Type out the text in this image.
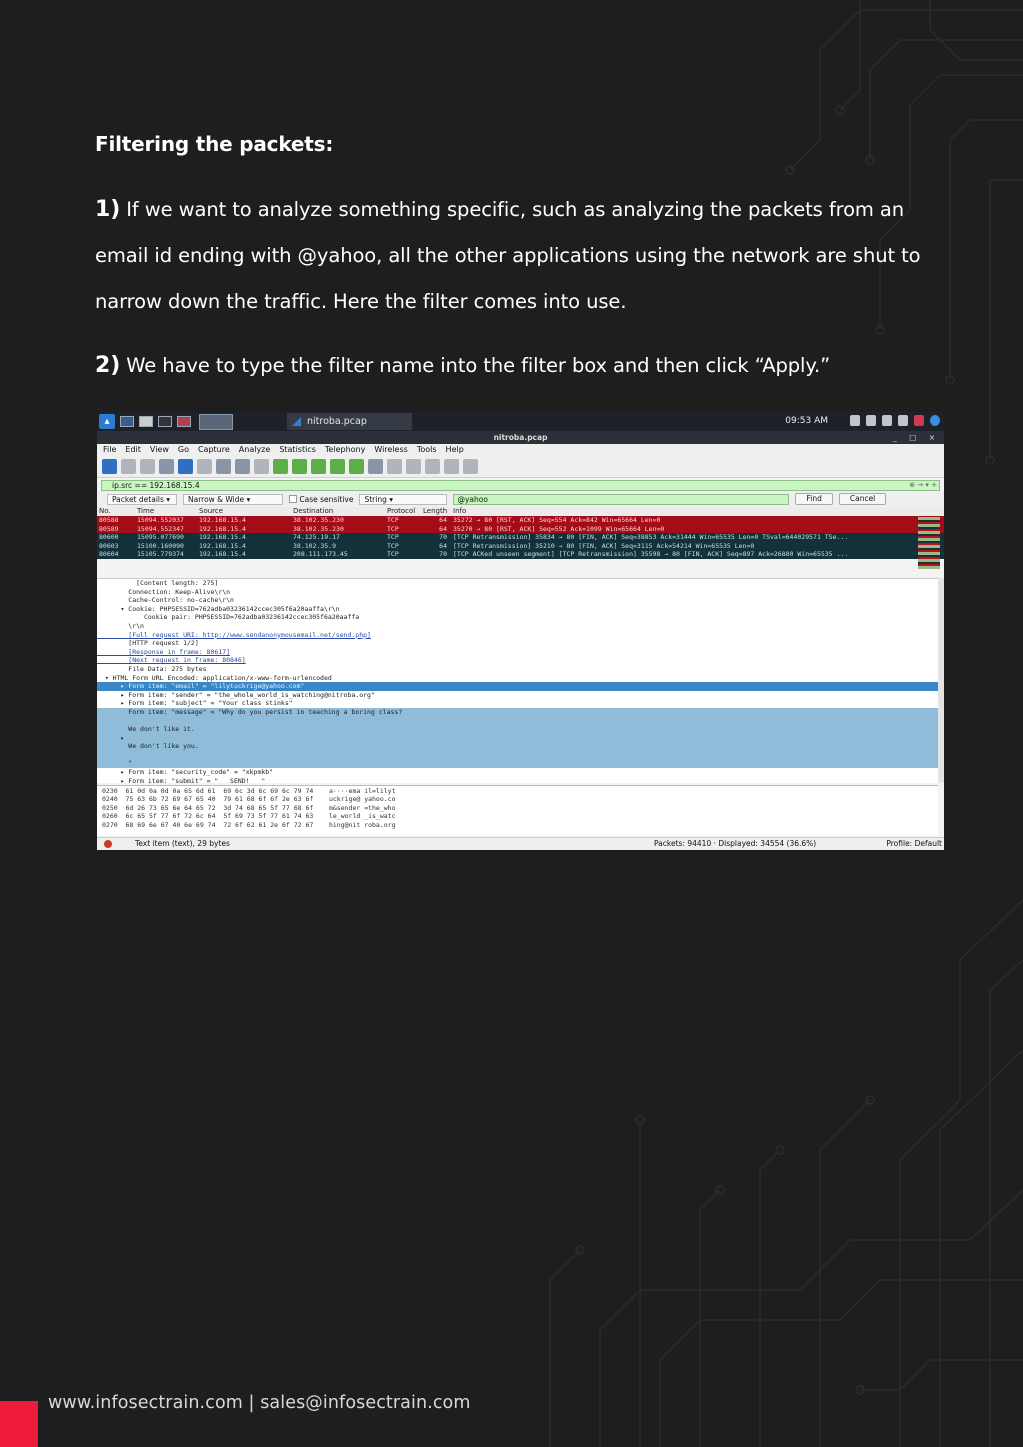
Filtering the packets:
1) If we want to analyze something specific, such as analyzing the packets from an email id ending with @yahoo, all the other applications using the network are shut to narrow down the traffic. Here the filter comes into use.
2) We have to type the filter name into the filter box and then click “Apply.”
▴	nitroba.pcap	09:53 AM
nitroba.pcap	_ □ ×
File Edit View Go Capture Analyze Statistics Telephony Wireless Tools Help
ip.src == 192.168.15.4	⊗ → ▾ +
Packet details ▾	Narrow & Wide ▾	Case sensitive	String ▾	@yahoo	Find	Cancel
No.	Time	Source	Destination	Protocol	Length Info
80588	15094.552037 192.168.15.4	38.102.35.230	TCP	64 35272 → 80 [RST, ACK] Seq=554 Ack=842 Win=65664 Len=0
80589	15094.552347 192.168.15.4	38.102.35.230	TCP	64 35270 → 80 [RST, ACK] Seq=552 Ack=1099 Win=65664 Len=0
80600	15095.077690 192.168.15.4	74.125.19.17	TCP	70 [TCP Retransmission] 35834 → 80 [FIN, ACK] Seq=38853 Ack=31444 Win=65535 Len=0 TSval=644029571 TSe...
80603	15100.160090 192.168.15.4	38.102.35.9	TCP	64 [TCP Retransmission] 35210 → 80 [FIN, ACK] Seq=3115 Ack=54214 Win=65535 Len=0
80604	15105.779374 192.168.15.4	208.111.173.45	TCP	70 [TCP ACKed unseen segment] [TCP Retransmission] 35598 → 80 [FIN, ACK] Seq=897 Ack=26880 Win=65535 ...
[Content length: 275]
Connection: Keep-Alive\r\n
Cache-Control: no-cache\r\n
▾ Cookie: PHPSESSID=762adba03236142ccec305f6a20aaffa\r\n
Cookie pair: PHPSESSID=762adba03236142ccec305f6a20aaffa
\r\n
[Full request URI: http://www.sendanonymousemail.net/send.php]
[HTTP request 1/2]
[Response in frame: 80617]
[Next request in frame: 80846]
File Data: 275 bytes
▾ HTML Form URL Encoded: application/x-www-form-urlencoded
▸ Form item: "email" = "lilytuckrige@yahoo.com"
▸ Form item: "sender" = "the_whole_world_is_watching@nitroba.org"
▸ Form item: "subject" = "Your class stinks"
Form item: "message" = "Why do you persist in teaching a boring class?
We don't like it.
▸
We don't like you.
"
▸ Form item: "security_code" = "xkpmkb"
▸ Form item: "submit" = "   SEND!   "
0230  61 0d 0a 0d 0a 65 6d 61  69 6c 3d 6c 69 6c 79 74    a····ema il=lilyt
0240  75 63 6b 72 69 67 65 40  79 61 68 6f 6f 2e 63 6f    uckrige@ yahoo.co
0250  6d 26 73 65 6e 64 65 72  3d 74 68 65 5f 77 68 6f    m&sender =the_who
0260  6c 65 5f 77 6f 72 6c 64  5f 69 73 5f 77 61 74 63    le_world _is_watc
0270  68 69 6e 67 40 6e 69 74  72 6f 62 61 2e 6f 72 67    hing@nit roba.org
Text item (text), 29 bytes	Packets: 94410 · Displayed: 34554 (36.6%)	Profile: Default
www.infosectrain.com | sales@infosectrain.com
